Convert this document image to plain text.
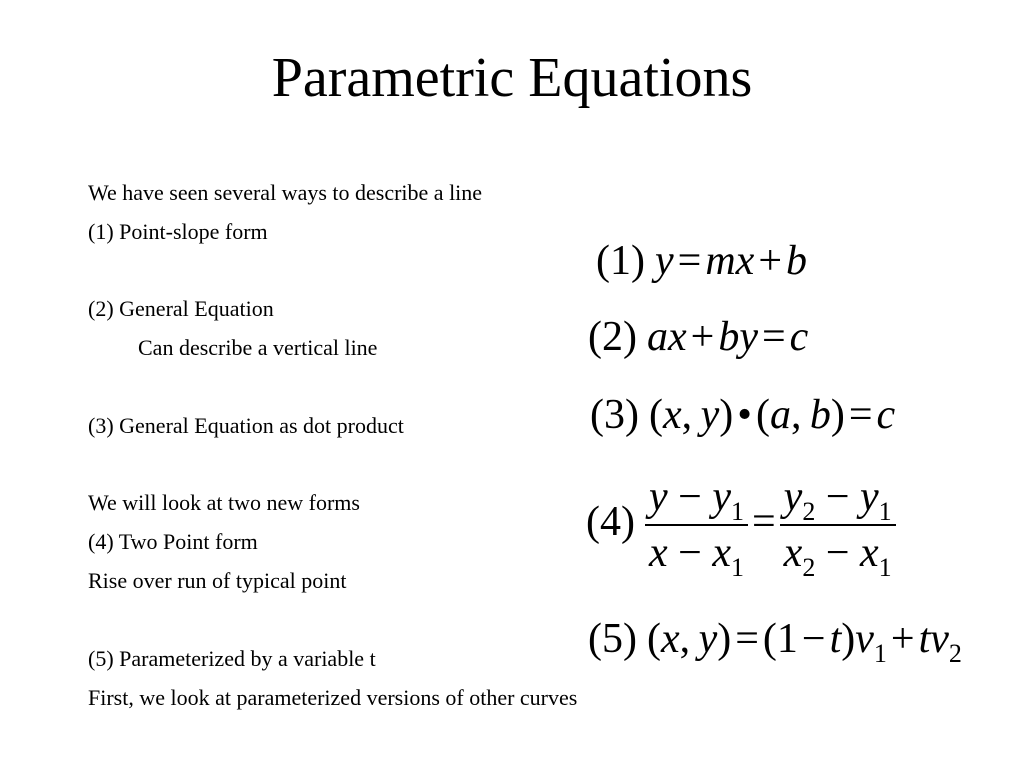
Parametric Equations
We have seen several ways to describe a line
(1) Point-slope form
(2) General Equation
Can describe a vertical line
(3) General Equation as dot product
We will look at two new forms
(4) Two Point form
Rise over run of typical point
(5) Parameterized by a variable t
First, we look at parameterized versions of other curves
(1) y=mx+b
(2) ax+by=c
(3) (x, y)•(a, b)=c
$(4) \frac{y - y_1}{x - x_1} = \frac{y_2 - y_1}{x_2 - x_1}$
(5) (x, $y)=(1-t)v_1+tv_2$
